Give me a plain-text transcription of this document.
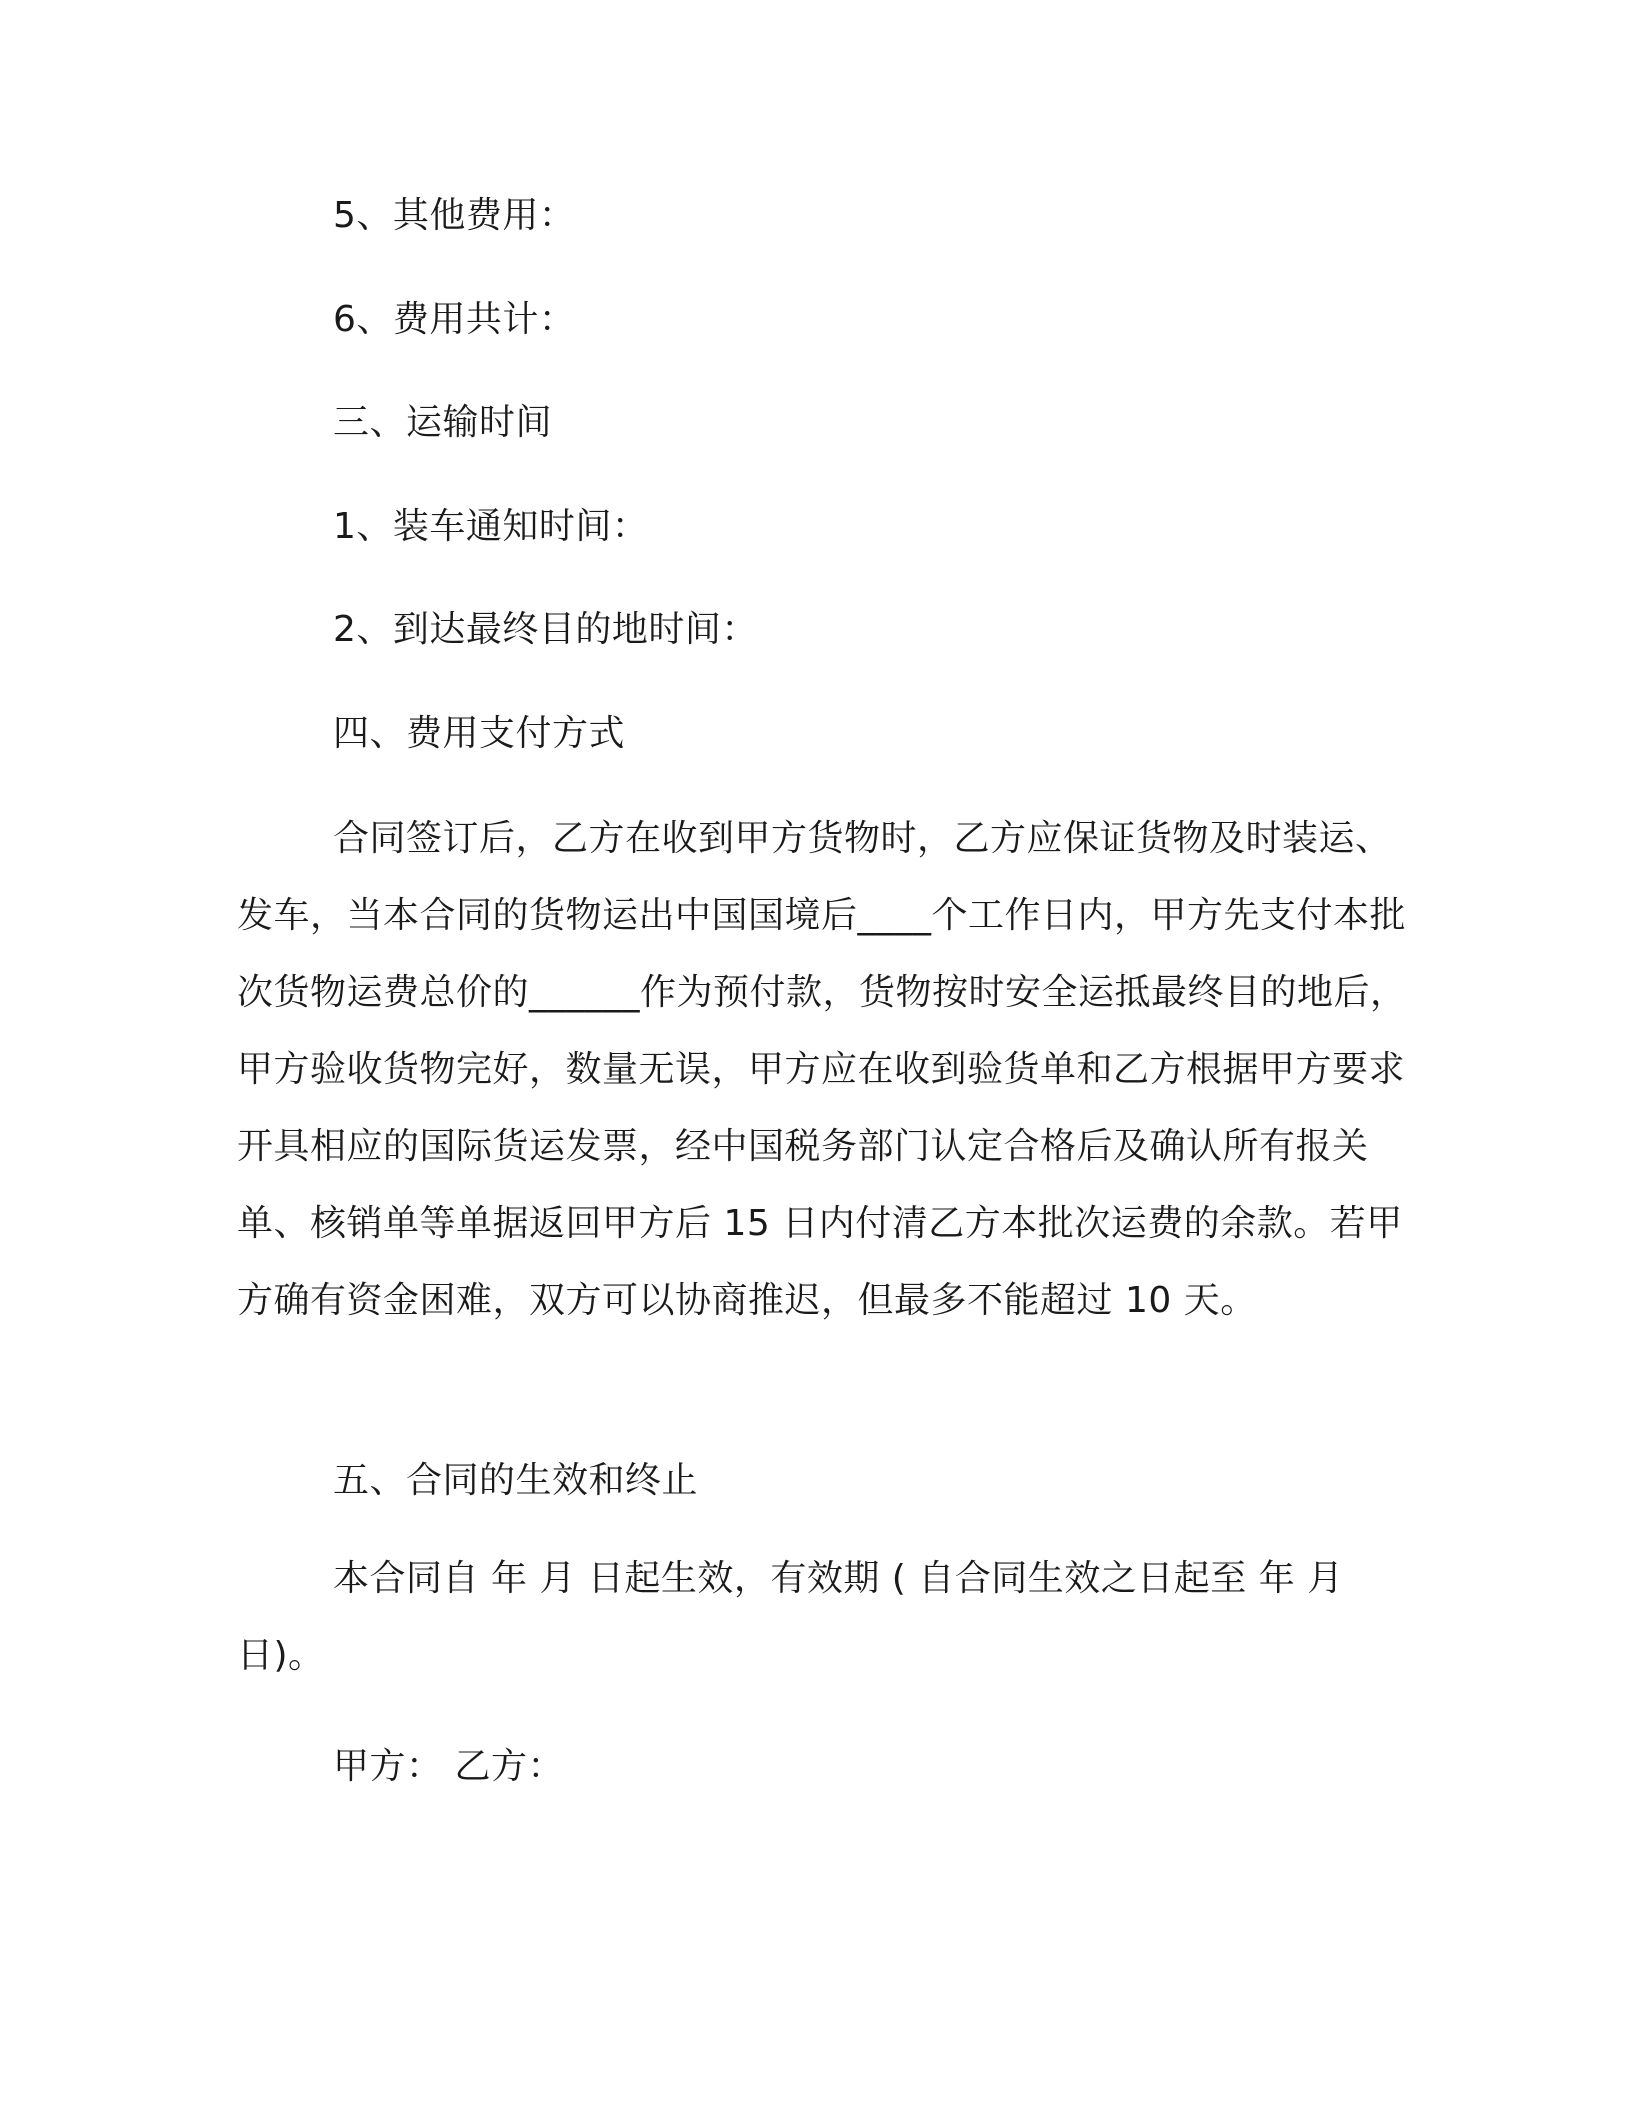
5、其他费用：
6、费用共计：
三、运输时间
1、装车通知时间：
2、到达最终目的地时间：
四、费用支付方式

合同签订后，乙方在收到甲方货物时，乙方应保证货物及时装运、发车，当本合同的货物运出中国国境后____个工作日内，甲方先支付本批次货物运费总价的______作为预付款，货物按时安全运抵最终目的地后，甲方验收货物完好，数量无误，甲方应在收到验货单和乙方根据甲方要求开具相应的国际货运发票，经中国税务部门认定合格后及确认所有报关单、核销单等单据返回甲方后 15 日内付清乙方本批次运费的余款。若甲方确有资金困难，双方可以协商推迟，但最多不能超过 10 天。

五、合同的生效和终止

本合同自 年 月 日起生效，有效期 ( 自合同生效之日起至 年 月 日)。

甲方： 乙方：
